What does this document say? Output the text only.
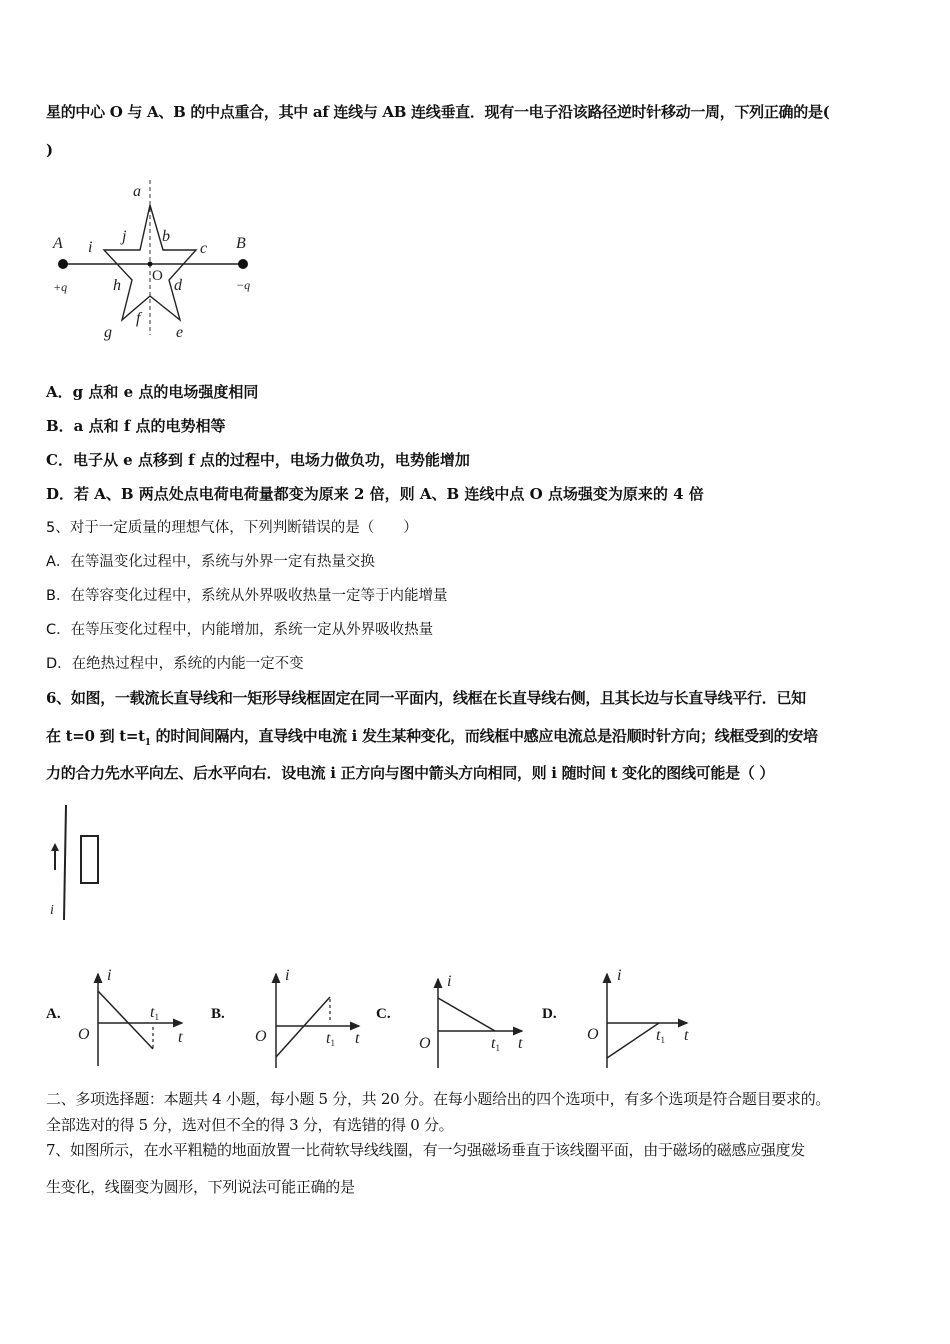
星的中心 O 与 A、B 的中点重合，其中 af 连线与 AB 连线垂直．现有一电子沿该路径逆时针移动一周，下列正确的是(
)
A	B
+q	−q
a
j b
i	c
O
h	d
f
g	e
A．g 点和 e 点的电场强度相同
B．a 点和 f 点的电势相等
C．电子从 e 点移到 f 点的过程中，电场力做负功，电势能增加
D．若 A、B 两点处点电荷电荷量都变为原来 2 倍，则 A、B 连线中点 O 点场强变为原来的 4 倍
5、对于一定质量的理想气体，下列判断错误的是（　　）
A．在等温变化过程中，系统与外界一定有热量交换
B．在等容变化过程中，系统从外界吸收热量一定等于内能增量
C．在等压变化过程中，内能增加，系统一定从外界吸收热量
D．在绝热过程中，系统的内能一定不变
6、如图，一载流长直导线和一矩形导线框固定在同一平面内，线框在长直导线右侧，且其长边与长直导线平行．已知
在 t=0 到 $t=t_1$ 的时间间隔内，直导线中电流 i 发生某种变化，而线框中感应电流总是沿顺时针方向；线框受到的安培
力的合力先水平向左、后水平向右．设电流 i 正方向与图中箭头方向相同，则 i 随时间 t 变化的图线可能是（ ）
i
A.	B.	C.	D.
i
O	t
t1
i
O	t
t1
i
O	t
t1
i
O	t
t1
二、多项选择题：本题共 4 小题，每小题 5 分，共 20 分。在每小题给出的四个选项中，有多个选项是符合题目要求的。
全部选对的得 5 分，选对但不全的得 3 分，有选错的得 0 分。
7、如图所示，在水平粗糙的地面放置一比荷软导线线圈，有一匀强磁场垂直于该线圈平面，由于磁场的磁感应强度发
生变化，线圈变为圆形，下列说法可能正确的是
